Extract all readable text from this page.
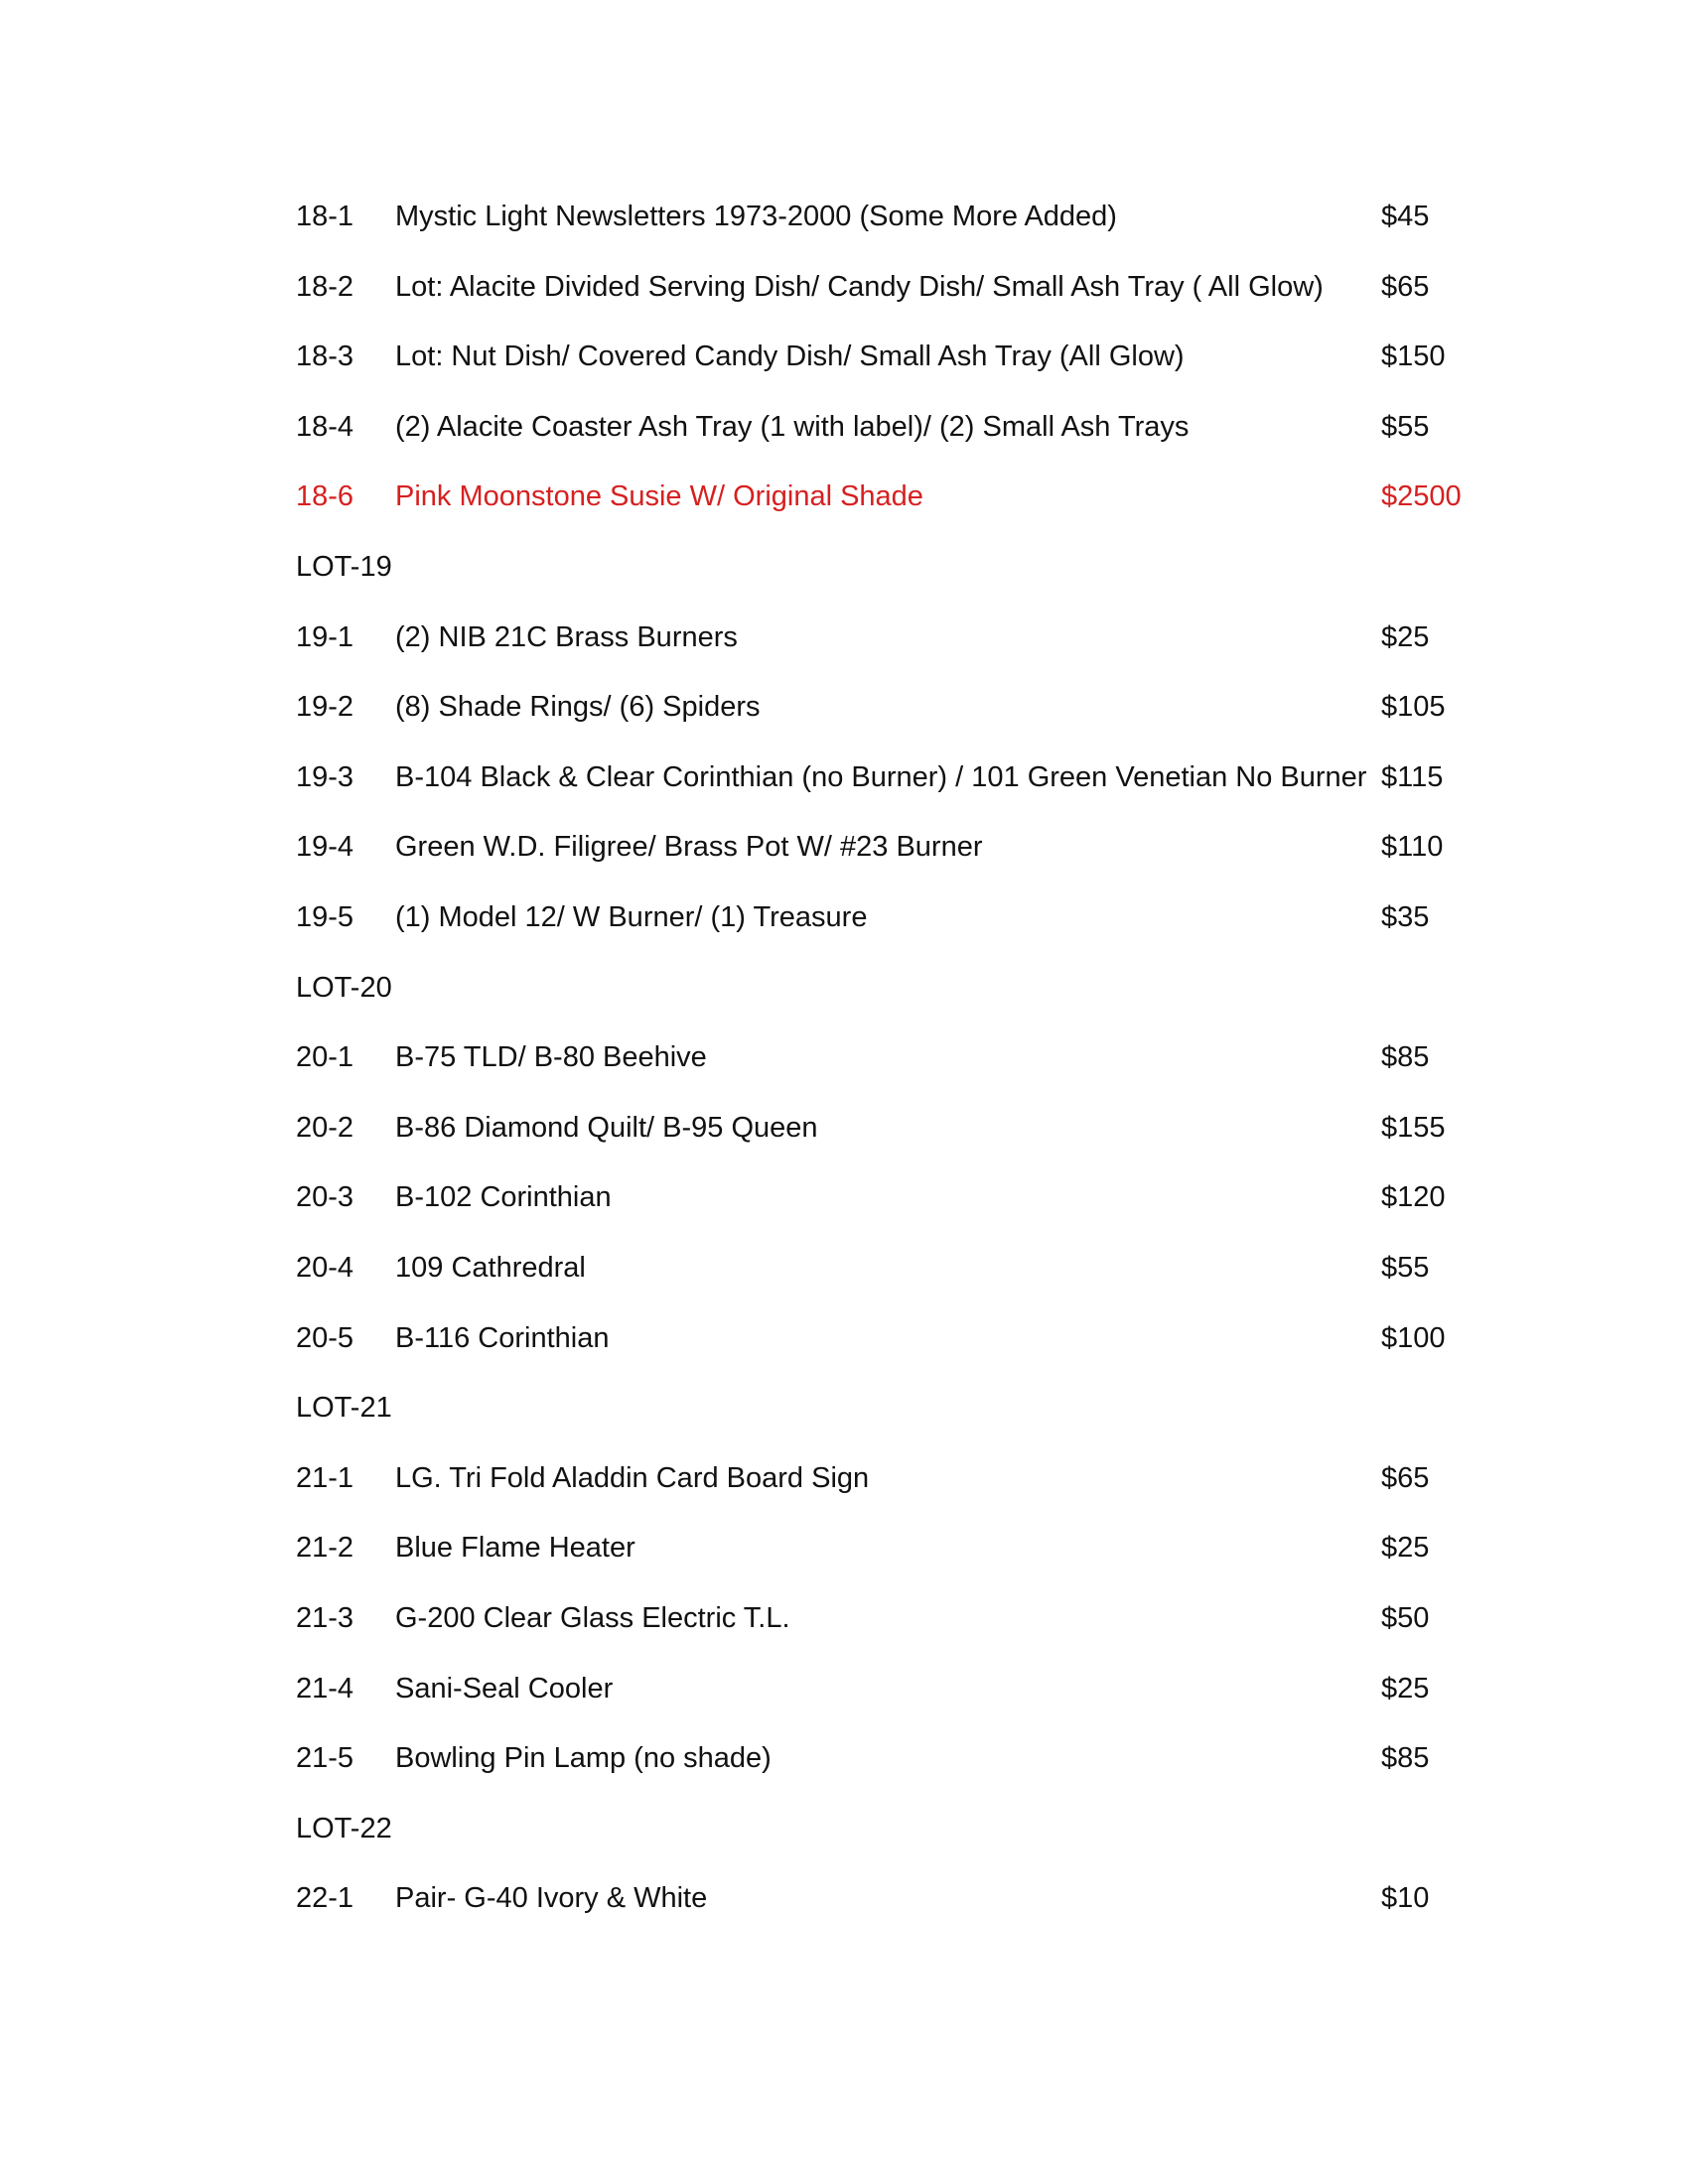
18-1 Mystic Light Newsletters 1973-2000 (Some More Added)	$45
18-2 Lot: Alacite Divided Serving Dish/ Candy Dish/ Small Ash Tray ( All Glow) $65
18-3 Lot: Nut Dish/ Covered Candy Dish/ Small Ash Tray (All Glow)	$150
18-4 (2) Alacite Coaster Ash Tray (1 with label)/ (2) Small Ash Trays	$55
18-6 Pink Moonstone Susie W/ Original Shade	$2500
LOT-19
19-1 (2) NIB 21C Brass Burners	$25
19-2 (8) Shade Rings/ (6) Spiders	$105
19-3 B-104 Black & Clear Corinthian (no Burner) / 101 Green Venetian No Burner $115
19-4 Green W.D. Filigree/ Brass Pot W/ #23 Burner	$110
19-5 (1) Model 12/ W Burner/ (1) Treasure	$35
LOT-20
20-1 B-75 TLD/ B-80 Beehive	$85
20-2 B-86 Diamond Quilt/ B-95 Queen	$155
20-3 B-102 Corinthian	$120
20-4 109 Cathredral	$55
20-5 B-116 Corinthian	$100
LOT-21
21-1 LG. Tri Fold Aladdin Card Board Sign	$65
21-2 Blue Flame Heater	$25
21-3 G-200 Clear Glass Electric T.L.	$50
21-4 Sani-Seal Cooler	$25
21-5 Bowling Pin Lamp (no shade)	$85
LOT-22
22-1 Pair- G-40 Ivory & White	$10
